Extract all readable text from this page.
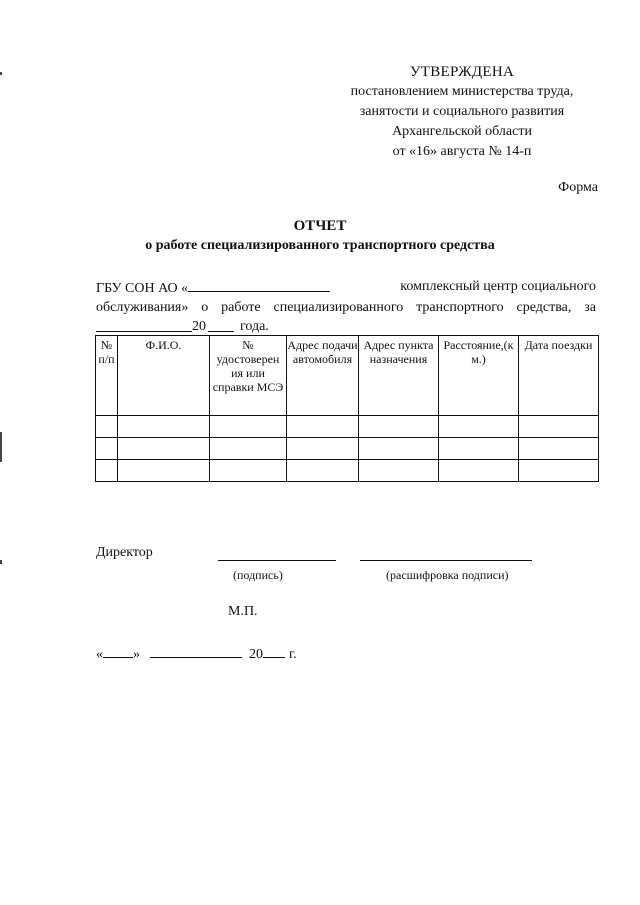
УТВЕРЖДЕНА
постановлением министерства труда,
занятости и социального развития
Архангельской области
от «16» августа № 14-п
Форма
ОТЧЕТ
о работе специализированного транспортного средства
ГБУ СОН АО «	комплексный центр социального
обслуживания» о работе специализированного транспортного средства, за
20 года.
№ п/п	Ф.И.О.	№ удостоверен ия или справки МСЭ	Адрес подачи автомобиля	Адрес пункта назначения	Расстояние,(к м.)	Дата поездки

Директор
(подпись)	(расшифровка подписи)
М.П.
« »	20 г.
